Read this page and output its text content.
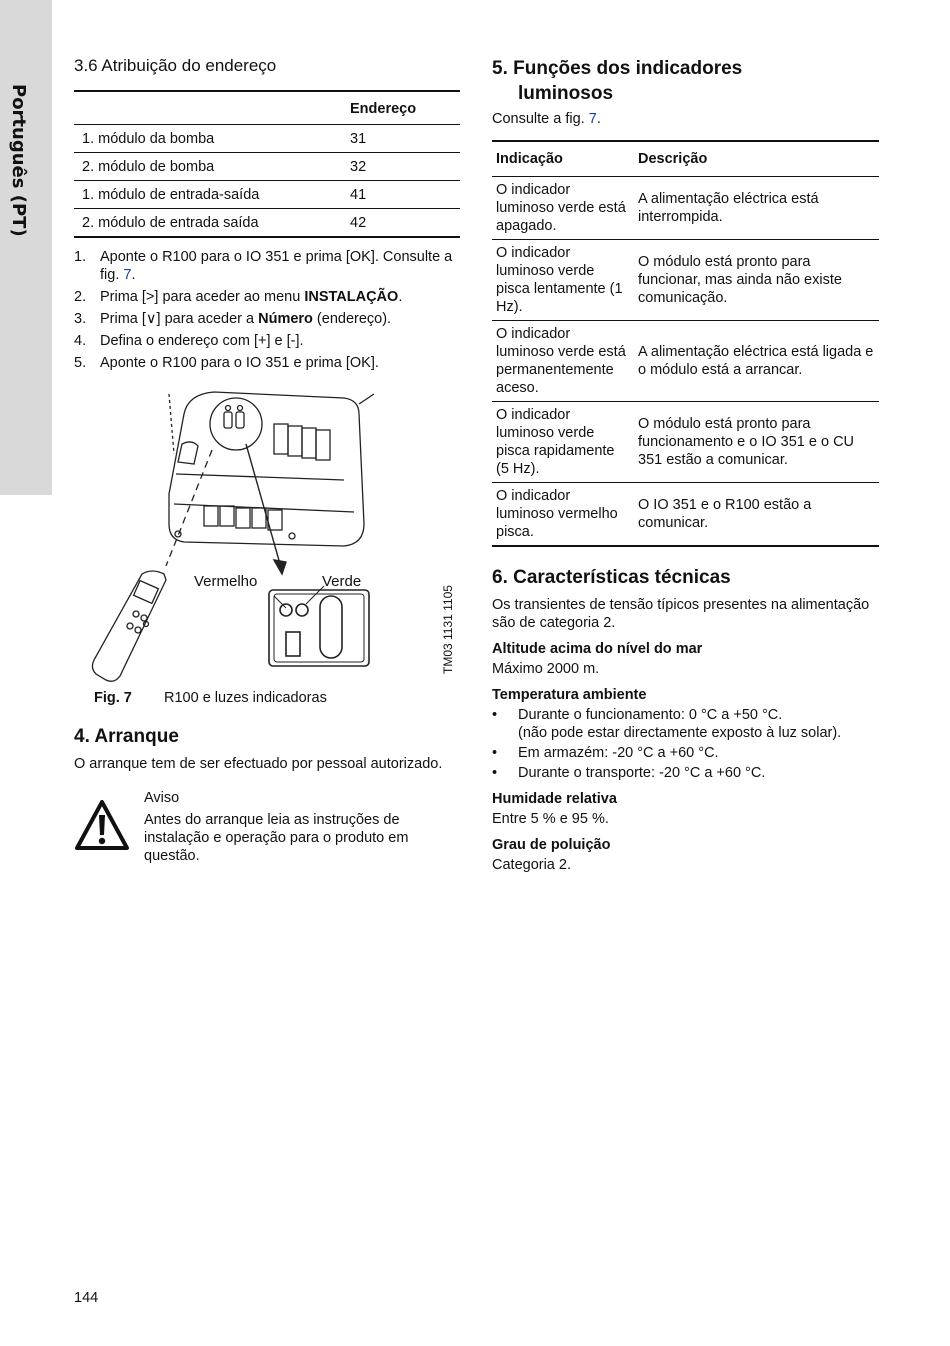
Português (PT)
3.6 Atribuição do endereço
	Endereço
1. módulo da bomba	31
2. módulo de bomba	32
1. módulo de entrada-saída	41
2. módulo de entrada saída	42
1. Aponte o R100 para o IO 351 e prima [OK]. Consulte a fig. 7.
2. Prima [>] para aceder ao menu INSTALAÇÃO.
3. Prima [∨] para aceder a Número (endereço).
4. Defina o endereço com [+] e [-].
5. Aponte o R100 para o IO 351 e prima [OK].
Vermelho	Verde
TM03 1131 1105
Fig. 7 R100 e luzes indicadoras
4. Arranque

O arranque tem de ser efectuado por pessoal autorizado.

Aviso

Antes do arranque leia as instruções de instalação e operação para o produto em questão.

5. Funções dos indicadores
luminosos

Consulte a fig. 7.

Indicação	Descrição
O indicador luminoso verde está apagado.	A alimentação eléctrica está interrompida.
O indicador luminoso verde pisca lentamente (1 Hz).	O módulo está pronto para funcionar, mas ainda não existe comunicação.
O indicador luminoso verde está permanentemente aceso.	A alimentação eléctrica está ligada e o módulo está a arrancar.
O indicador luminoso verde pisca rapidamente (5 Hz).	O módulo está pronto para funcionamento e o IO 351 e o CU 351 estão a comunicar.
O indicador luminoso vermelho pisca.	O IO 351 e o R100 estão a comunicar.
6. Características técnicas

Os transientes de tensão típicos presentes na alimentação são de categoria 2.

Altitude acima do nível do mar

Máximo 2000 m.

Temperatura ambiente
• Durante o funcionamento: 0 °C a +50 °C.
(não pode estar directamente exposto à luz solar).
• Em armazém: -20 °C a +60 °C.
• Durante o transporte: -20 °C a +60 °C.
Humidade relativa

Entre 5 % e 95 %.

Grau de poluição

Categoria 2.

144
